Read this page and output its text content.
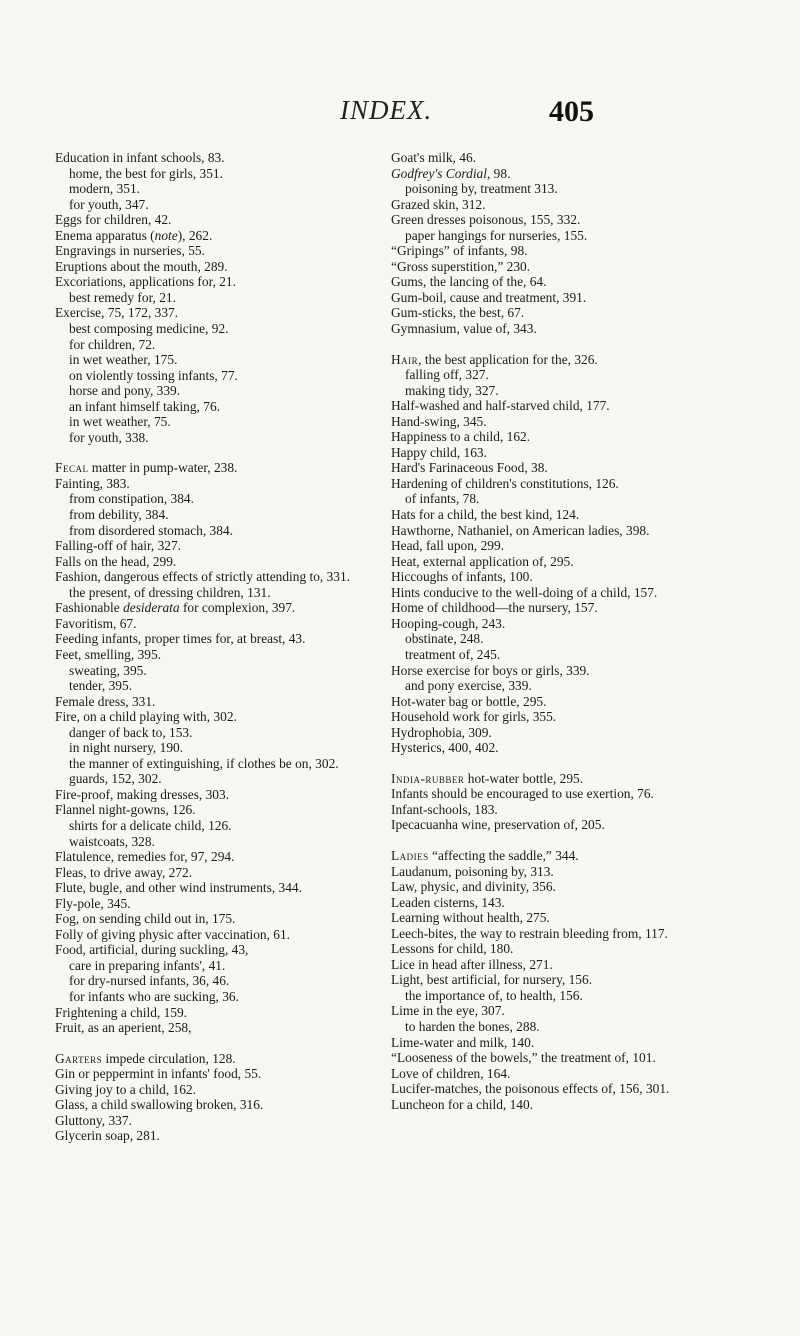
INDEX.	405

Education in infant schools, 83.

home, the best for girls, 351.

modern, 351.

for youth, 347.

Eggs for children, 42.

Enema apparatus (note), 262.

Engravings in nurseries, 55.

Eruptions about the mouth, 289.

Excoriations, applications for, 21.

best remedy for, 21.

Exercise, 75, 172, 337.

best composing medicine, 92.

for children, 72.

in wet weather, 175.

on violently tossing infants, 77.

horse and pony, 339.

an infant himself taking, 76.

in wet weather, 75.

for youth, 338.

Fecal matter in pump-water, 238.

Fainting, 383.

from constipation, 384.

from debility, 384.

from disordered stomach, 384.

Falling-off of hair, 327.

Falls on the head, 299.

Fashion, dangerous effects of strictly attending to, 331.

the present, of dressing children, 131.

Fashionable desiderata for complexion, 397.

Favoritism, 67.

Feeding infants, proper times for, at breast, 43.

Feet, smelling, 395.

sweating, 395.

tender, 395.

Female dress, 331.

Fire, on a child playing with, 302.

danger of back to, 153.

in night nursery, 190.

the manner of extinguishing, if clothes be on, 302.

guards, 152, 302.

Fire-proof, making dresses, 303.

Flannel night-gowns, 126.

shirts for a delicate child, 126.

waistcoats, 328.

Flatulence, remedies for, 97, 294.

Fleas, to drive away, 272.

Flute, bugle, and other wind instruments, 344.

Fly-pole, 345.

Fog, on sending child out in, 175.

Folly of giving physic after vaccination, 61.

Food, artificial, during suckling, 43,

care in preparing infants', 41.

for dry-nursed infants, 36, 46.

for infants who are sucking, 36.

Frightening a child, 159.

Fruit, as an aperient, 258,

Garters impede circulation, 128.

Gin or peppermint in infants' food, 55.

Giving joy to a child, 162.

Glass, a child swallowing broken, 316.

Gluttony, 337.

Glycerin soap, 281.

Goat's milk, 46.

Godfrey's Cordial, 98.

poisoning by, treatment 313.

Grazed skin, 312.

Green dresses poisonous, 155, 332.

paper hangings for nurseries, 155.

“Gripings” of infants, 98.

“Gross superstition,” 230.

Gums, the lancing of the, 64.

Gum-boil, cause and treatment, 391.

Gum-sticks, the best, 67.

Gymnasium, value of, 343.

Hair, the best application for the, 326.

falling off, 327.

making tidy, 327.

Half-washed and half-starved child, 177.

Hand-swing, 345.

Happiness to a child, 162.

Happy child, 163.

Hard's Farinaceous Food, 38.

Hardening of children's constitutions, 126.

of infants, 78.

Hats for a child, the best kind, 124.

Hawthorne, Nathaniel, on American ladies, 398.

Head, fall upon, 299.

Heat, external application of, 295.

Hiccoughs of infants, 100.

Hints conducive to the well-doing of a child, 157.

Home of childhood—the nursery, 157.

Hooping-cough, 243.

obstinate, 248.

treatment of, 245.

Horse exercise for boys or girls, 339.

and pony exercise, 339.

Hot-water bag or bottle, 295.

Household work for girls, 355.

Hydrophobia, 309.

Hysterics, 400, 402.

India-rubber hot-water bottle, 295.

Infants should be encouraged to use exertion, 76.

Infant-schools, 183.

Ipecacuanha wine, preservation of, 205.

Ladies “affecting the saddle,” 344.

Laudanum, poisoning by, 313.

Law, physic, and divinity, 356.

Leaden cisterns, 143.

Learning without health, 275.

Leech-bites, the way to restrain bleeding from, 117.

Lessons for child, 180.

Lice in head after illness, 271.

Light, best artificial, for nursery, 156.

the importance of, to health, 156.

Lime in the eye, 307.

to harden the bones, 288.

Lime-water and milk, 140.

“Looseness of the bowels,” the treatment of, 101.

Love of children, 164.

Lucifer-matches, the poisonous effects of, 156, 301.

Luncheon for a child, 140.
